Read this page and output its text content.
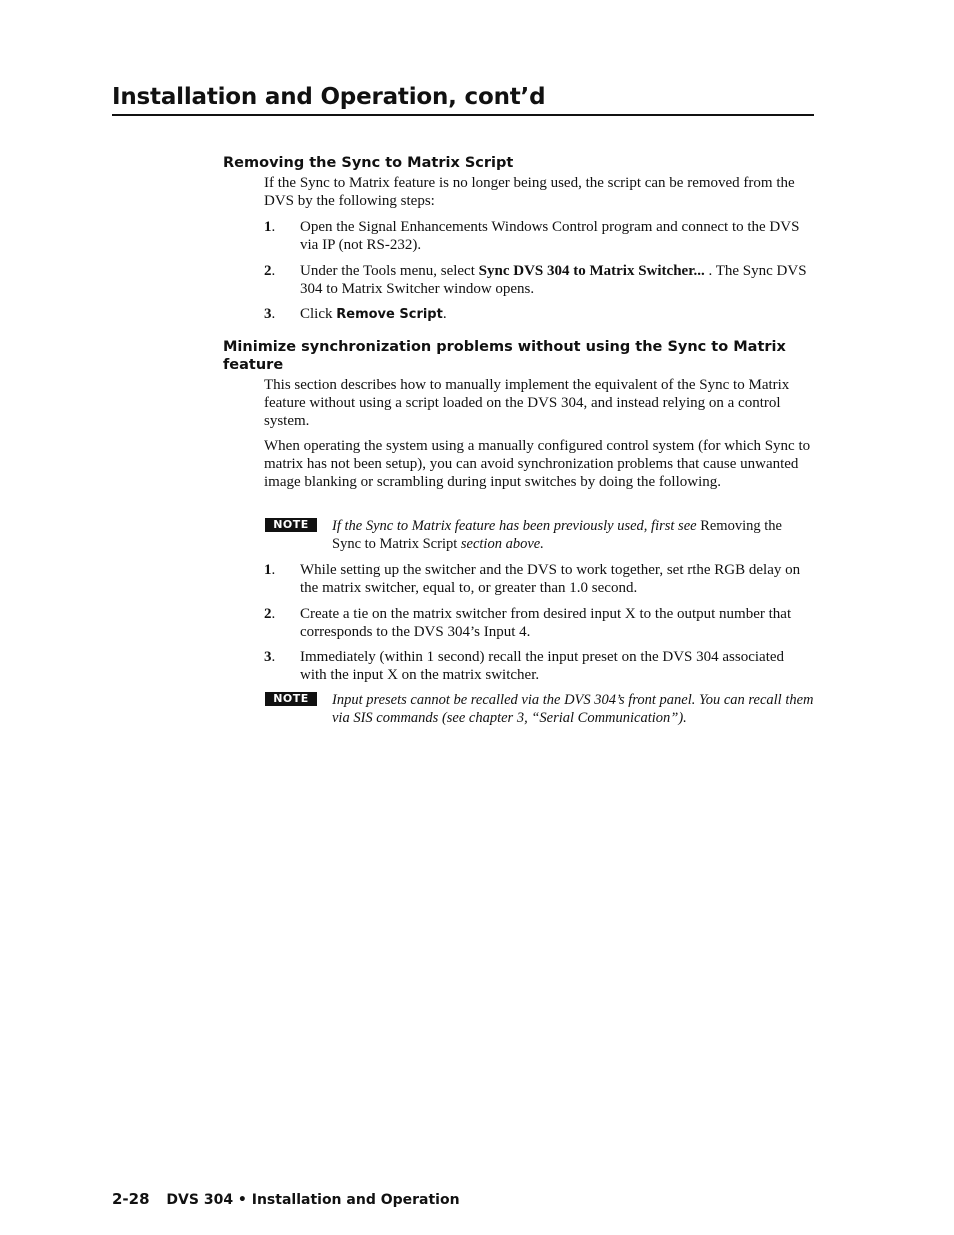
Installation and Operation, cont’d
Removing the Sync to Matrix Script

If the Sync to Matrix feature is no longer being used, the script can be removed from the DVS by the following steps:

1.	Open the Signal Enhancements Windows Control program and connect to the DVS via IP (not RS-232).
2.	Under the Tools menu, select Sync DVS 304 to Matrix Switcher... . The Sync DVS 304 to Matrix Switcher window opens.
3.	Click Remove Script.
Minimize synchronization problems without using the Sync to Matrix feature

This section describes how to manually implement the equivalent of the Sync to Matrix feature without using a script loaded on the DVS 304, and instead relying on a control system.

When operating the system using a manually configured control system (for which Sync to matrix has not been setup), you can avoid synchronization problems that cause unwanted image blanking or scrambling during input switches by doing the following.

NOTE	If the Sync to Matrix feature has been previously used, first see Removing the Sync to Matrix Script section above.
1.	While setting up the switcher and the DVS to work together, set rthe RGB delay on the matrix switcher, equal to, or greater than 1.0 second.
2.	Create a tie on the matrix switcher from desired input X to the output number that corresponds to the DVS 304’s Input 4.
3.	Immediately (within 1 second) recall the input preset on the DVS 304 associated with the input X on the matrix switcher.
NOTE	Input presets cannot be recalled via the DVS 304’s front panel. You can recall them via SIS commands (see chapter 3, “Serial Communication”).
2-28 DVS 304 • Installation and Operation
